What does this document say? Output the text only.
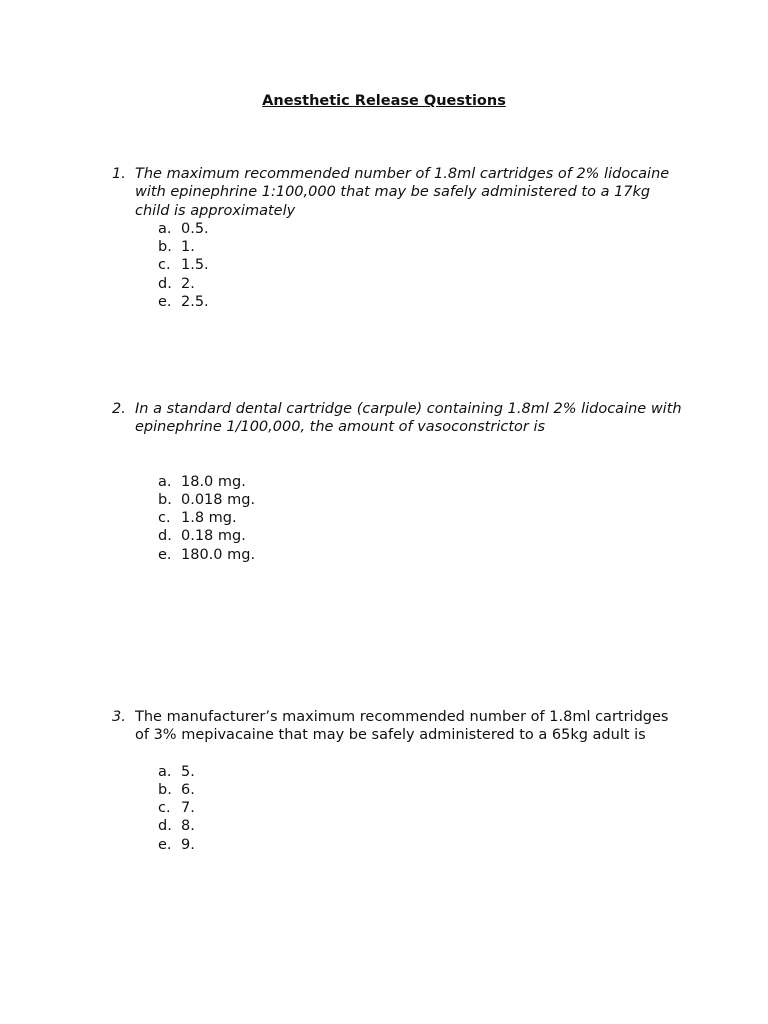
Anesthetic Release Questions
1. The maximum recommended number of 1.8ml cartridges of 2% lidocaine with epinephrine 1:100,000 that may be safely administered to a 17kg child is approximately
a. 0.5.
b. 1.
c. 1.5.
d. 2.
e. 2.5.
2. In a standard dental cartridge (carpule) containing 1.8ml 2% lidocaine with epinephrine 1/100,000, the amount of vasoconstrictor is
a. 18.0 mg.
b. 0.018 mg.
c. 1.8 mg.
d. 0.18 mg.
e. 180.0 mg.
3. The manufacturer’s maximum recommended number of 1.8ml cartridges of 3% mepivacaine that may be safely administered to a 65kg adult is
a. 5.
b. 6.
c. 7.
d. 8.
e. 9.
